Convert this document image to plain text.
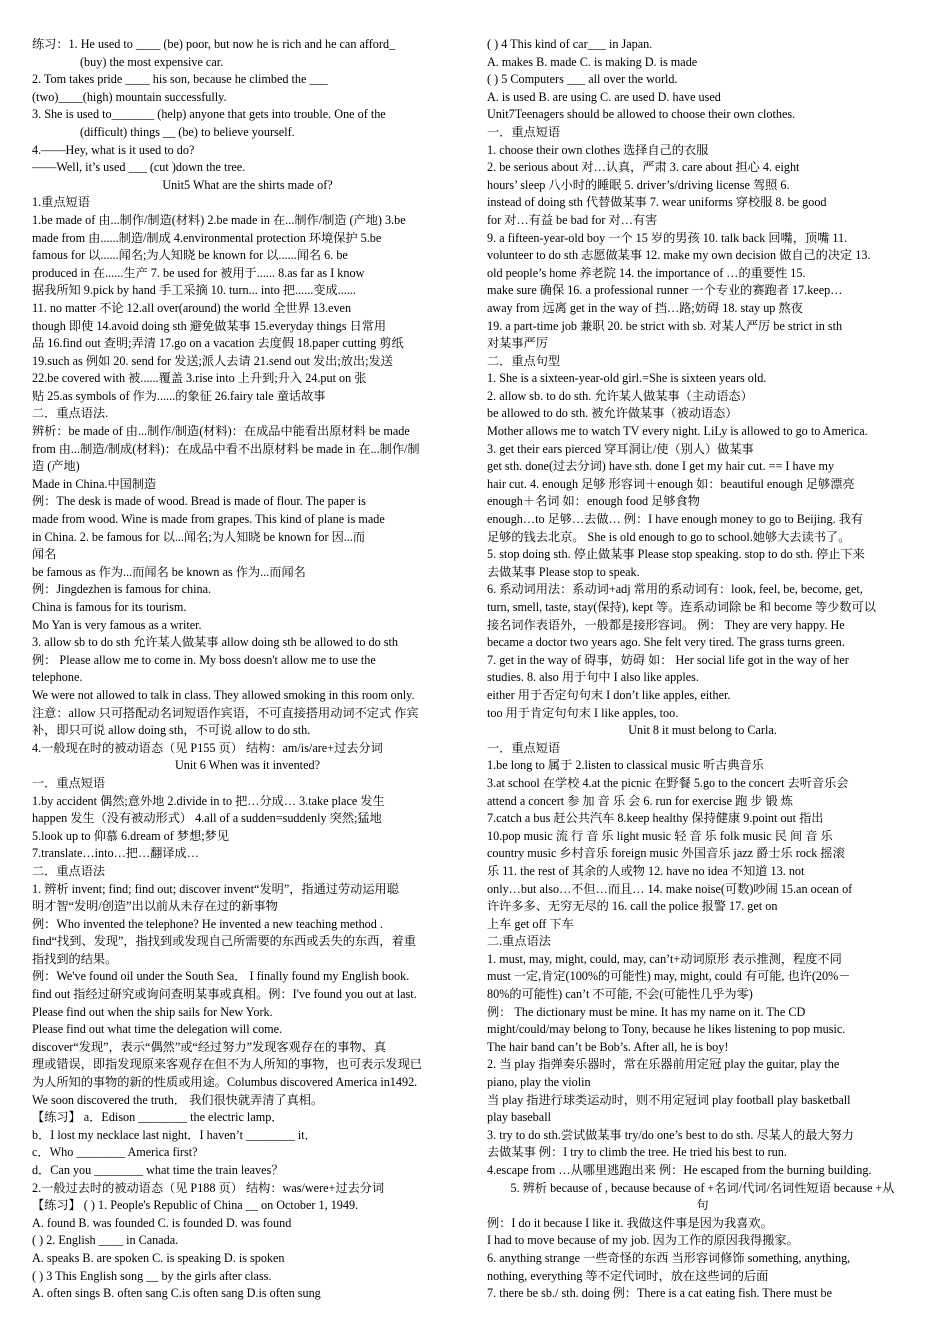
练习：1. He used to ____ (be) poor, but now he is rich and he can afford_
(buy) the most expensive car.
2. Tom takes pride ____ his son, because he climbed the ___
(two)____(high) mountain successfully.
3. She is used to_______ (help) anyone that gets into trouble. One of the
(difficult) things __ (be) to believe yourself.
4.——Hey, what is it used to do?
——Well, it’s used ___ (cut )down the tree.
Unit5 What are the shirts made of?
1.重点短语
1.be made of 由...制作/制造(材料) 2.be made in 在...制作/制造 (产地) 3.be
made from 由......制造/制成 4.environmental protection 环境保护 5.be
famous for 以......闻名;为人知晓 be known for 以......闻名 6. be
produced in 在......生产 7. be used for 被用于...... 8.as far as I know
据我所知 9.pick by hand 手工采摘 10. turn... into 把......变成......
11. no matter 不论 12.all over(around) the world 全世界 13.even
though 即使 14.avoid doing sth 避免做某事 15.everyday things 日常用
品 16.find out 查明;弄清 17.go on a vacation 去度假 18.paper cutting 剪纸
19.such as 例如 20. send for 发送;派人去请 21.send out 发出;放出;发送
22.be covered with 被......覆盖 3.rise into 上升到;升入 24.put on 张
贴 25.as symbols of 作为......的象征 26.fairy tale 童话故事
二．重点语法.
辨析：be made of 由...制作/制造(材料)：在成品中能看出原材料 be made
from 由...制造/制成(材料)：在成品中看不出原材料 be made in 在...制作/制
造 (产地)
Made in China.中国制造
例：The desk is made of wood. Bread is made of flour. The paper is
made from wood. Wine is made from grapes. This kind of plane is made
in China. 2. be famous for 以...闻名;为人知晓 be known for 因...而
闻名
be famous as 作为...而闻名 be known as 作为...而闻名
例：Jingdezhen is famous for china.
China is famous for its tourism.
Mo Yan is very famous as a writer.
3. allow sb to do sth 允许某人做某事 allow doing sth be allowed to do sth
例： Please allow me to come in. My boss doesn't allow me to use the
telephone.
We were not allowed to talk in class. They allowed smoking in this room only.
注意：allow 只可搭配动名词短语作宾语，不可直接搭用动词不定式 作宾
补，即只可说 allow doing sth，不可说 allow to do sth.
4.一般现在时的被动语态（见 P155 页） 结构：am/is/are+过去分词
Unit 6 When was it invented?
一．重点短语
1.by accident 偶然;意外地 2.divide in to 把…分成… 3.take place 发生
happen 发生（没有被动形式） 4.all of a sudden=suddenly 突然;猛地
5.look up to 仰慕 6.dream of 梦想;梦见
7.translate…into…把…翻译成…
二．重点语法
1. 辨析 invent; find; find out; discover invent“发明”，指通过劳动运用聪
明才智“发明/创造”出以前从未存在过的新事物
例：Who invented the telephone? He invented a new teaching method .
find“找到、发现”，指找到或发现自己所需要的东西或丢失的东西，着重
指找到的结果。
例：We've found oil under the South Sea． I finally found my English book.
find out 指经过研究或询问查明某事或真相。例：I've found you out at last.
Please find out when the ship sails for New York.
Please find out what time the delegation will come.
discover“发现”，表示“偶然”或“经过努力”发现客观存在的事物、真
理或错误，即指发现原来客观存在但不为人所知的事物，也可表示发现已
为人所知的事物的新的性质或用途。Columbus discovered America in1492.
We soon discovered the truth． 我们很快就弄清了真相。
【练习】 a．Edison ________ the electric lamp．
b．I lost my necklace last night．I haven’t ________ it．
c．Who ________ America first?
d．Can you ________ what time the train leaves？
2.一般过去时的被动语态（见 P188 页） 结构：was/were+过去分词
【练习】 ( ) 1. People's Republic of China __ on October 1, 1949.
A. found B. was founded C. is founded D. was found
( ) 2. English ____ in Canada.
A. speaks B. are spoken C. is speaking D. is spoken
( ) 3 This English song __ by the girls after class.
A. often sings B. often sang C.is often sang D.is often sung
( ) 4 This kind of car___ in Japan.
A. makes B. made C. is making D. is made
( ) 5 Computers ___ all over the world.
A. is used B. are using C. are used D. have used
Unit7Teenagers should be allowed to choose their own clothes.
一．重点短语
1. choose their own clothes 选择自己的衣服
2. be serious about 对…认真，严肃 3. care about 担心 4. eight
hours’ sleep 八小时的睡眠 5. driver’s/driving license 驾照 6.
instead of doing sth 代替做某事 7. wear uniforms 穿校服 8. be good
for 对…有益 be bad for 对…有害
9. a fifteen-year-old boy 一个 15 岁的男孩 10. talk back 回嘴，顶嘴 11.
volunteer to do sth 志愿做某事 12. make my own decision 做自己的决定 13.
old people’s home 养老院 14. the importance of …的重要性 15.
make sure 确保 16. a professional runner 一个专业的赛跑者 17.keep…
away from 远离 get in the way of 挡…路;妨碍 18. stay up 熬夜
19. a part-time job 兼职 20. be strict with sb. 对某人严厉 be strict in sth
对某事严厉
二．重点句型
1. She is a sixteen-year-old girl.=She is sixteen years old.
2. allow sb. to do sth. 允许某人做某事（主动语态）
be allowed to do sth. 被允许做某事（被动语态）
Mother allows me to watch TV every night. LiLy is allowed to go to America.
3. get their ears pierced 穿耳洞让/使（别人）做某事
get sth. done(过去分词) have sth. done I get my hair cut. == I have my
hair cut. 4. enough 足够 形容词＋enough 如：beautiful enough 足够漂亮
enough＋名词 如：enough food 足够食物
enough…to 足够…去做… 例：I have enough money to go to Beijing. 我有
足够的钱去北京。 She is old enough to go to school.她够大去读书了。
5. stop doing sth. 停止做某事 Please stop speaking. stop to do sth. 停止下来
去做某事 Please stop to speak.
6. 系动词用法：系动词+adj 常用的系动词有：look, feel, be, become, get,
turn, smell, taste, stay(保持), kept 等。连系动词除 be 和 become 等少数可以
接名词作表语外，一般都是接形容词。 例： They are very happy. He
became a doctor two years ago. She felt very tired. The grass turns green.
7. get in the way of 碍事，妨碍 如： Her social life got in the way of her
studies. 8. also 用于句中 I also like apples.
either 用于否定句句末 I don’t like apples, either.
too 用于肯定句句末 I like apples, too.
Unit 8 it must belong to Carla.
一．重点短语
1.be long to 属于 2.listen to classical music 听古典音乐
3.at school 在学校 4.at the picnic 在野餐 5.go to the concert 去听音乐会
attend a concert 参 加 音 乐 会 6. run for exercise 跑 步 锻 炼
7.catch a bus 赶公共汽车 8.keep healthy 保持健康 9.point out 指出
10.pop music 流 行 音 乐 light music 轻 音 乐 folk music 民 间 音 乐
country music 乡村音乐 foreign music 外国音乐 jazz 爵士乐 rock 摇滚
乐 11. the rest of 其余的人或物 12. have no idea 不知道 13. not
only…but also…不但…而且… 14. make noise(可数)吵闹 15.an ocean of
许许多多、无穷无尽的 16. call the police 报警 17. get on
上车 get off 下车
二.重点语法
1. must, may, might, could, may, can’t+动词原形 表示推测，程度不同
must 一定,肯定(100%的可能性) may, might, could 有可能, 也许(20%－
80%的可能性) can’t 不可能, 不会(可能性几乎为零)
例： The dictionary must be mine. It has my name on it. The CD
might/could/may belong to Tony, because he likes listening to pop music.
The hair band can’t be Bob’s. After all, he is boy!
2. 当 play 指弹奏乐器时，常在乐器前用定冠 play the guitar, play the
piano, play the violin
当 play 指进行球类运动时，则不用定冠词 play football play basketball
play baseball
3. try to do sth.尝试做某事 try/do one’s best to do sth. 尽某人的最大努力
去做某事 例：I try to climb the tree. He tried his best to run.
4.escape from …从哪里逃跑出来 例：He escaped from the burning building.
5. 辨析 because of , because because of +名词/代词/名词性短语 because +从
句
例：I do it because I like it. 我做这件事是因为我喜欢。
I had to move because of my job. 因为工作的原因我得搬家。
6. anything strange 一些奇怪的东西 当形容词修饰 something, anything,
nothing, everything 等不定代词时，放在这些词的后面
7. there be sb./ sth. doing 例：There is a cat eating fish. There must be
